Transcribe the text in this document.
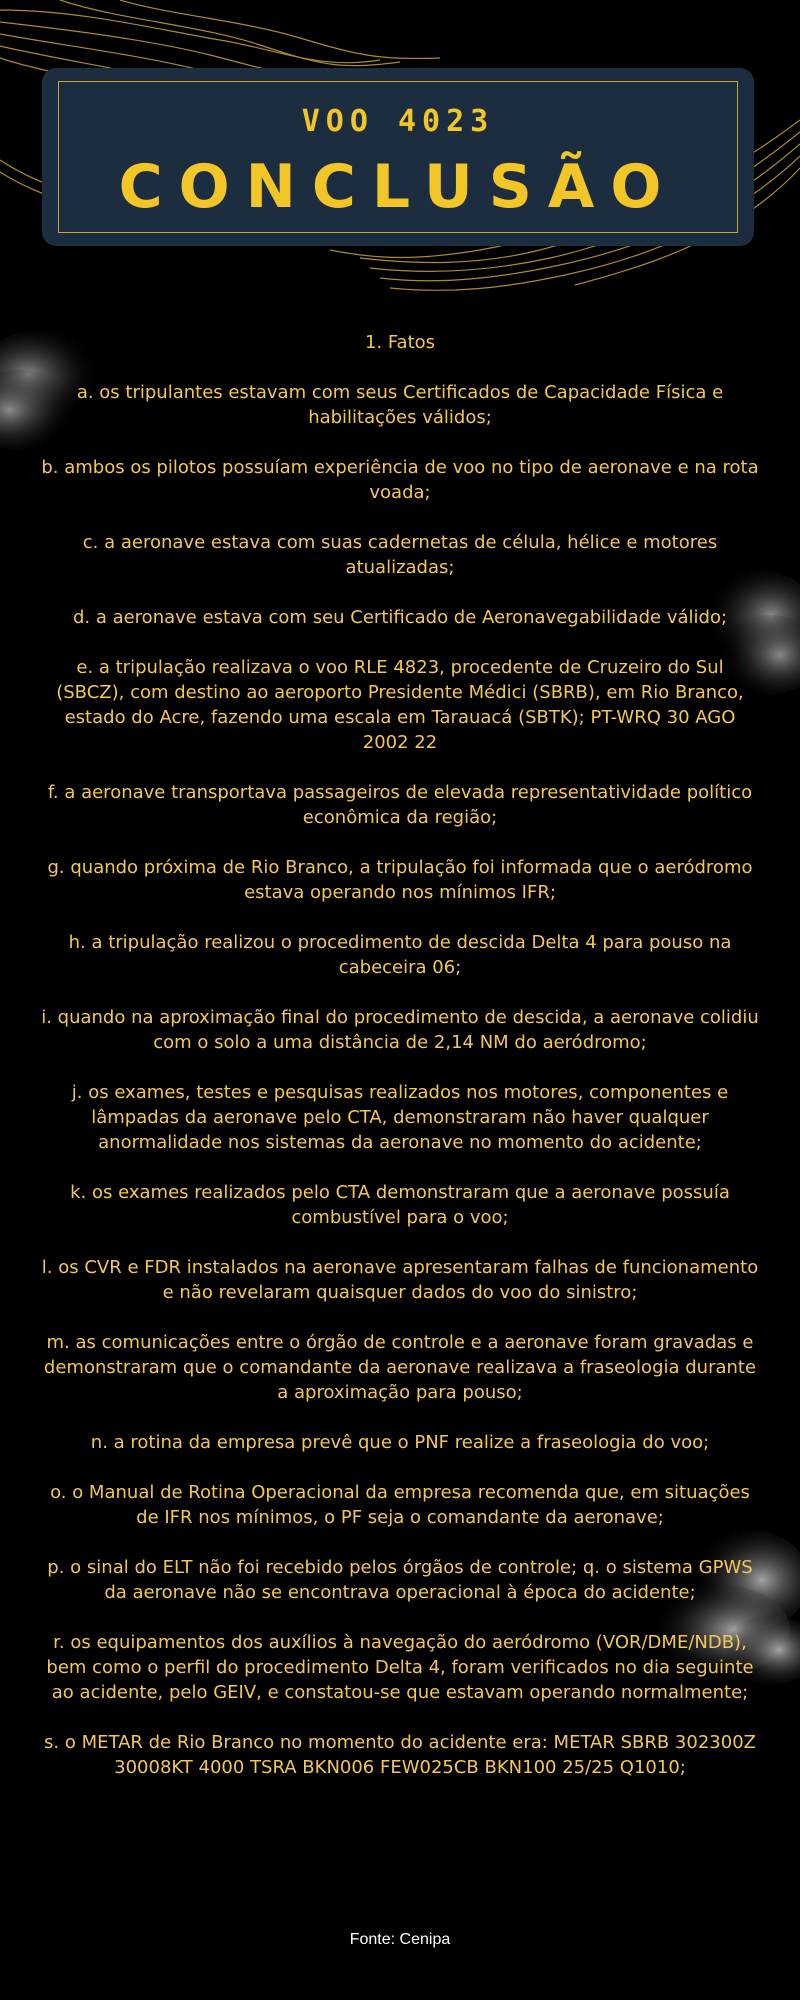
VOO 4023
CONCLUSÃO

1. Fatos

a. os tripulantes estavam com seus Certificados de Capacidade Física e habilitações válidos;

b. ambos os pilotos possuíam experiência de voo no tipo de aeronave e na rota voada;

c. a aeronave estava com suas cadernetas de célula, hélice e motores atualizadas;

d. a aeronave estava com seu Certificado de Aeronavegabilidade válido;

e. a tripulação realizava o voo RLE 4823, procedente de Cruzeiro do Sul (SBCZ), com destino ao aeroporto Presidente Médici (SBRB), em Rio Branco, estado do Acre, fazendo uma escala em Tarauacá (SBTK); PT-WRQ 30 AGO 2002 22

f. a aeronave transportava passageiros de elevada representatividade político econômica da região;

g. quando próxima de Rio Branco, a tripulação foi informada que o aeródromo estava operando nos mínimos IFR;

h. a tripulação realizou o procedimento de descida Delta 4 para pouso na cabeceira 06;

i. quando na aproximação final do procedimento de descida, a aeronave colidiu com o solo a uma distância de 2,14 NM do aeródromo;

j. os exames, testes e pesquisas realizados nos motores, componentes e lâmpadas da aeronave pelo CTA, demonstraram não haver qualquer anormalidade nos sistemas da aeronave no momento do acidente;

k. os exames realizados pelo CTA demonstraram que a aeronave possuía combustível para o voo;

l. os CVR e FDR instalados na aeronave apresentaram falhas de funcionamento e não revelaram quaisquer dados do voo do sinistro;

m. as comunicações entre o órgão de controle e a aeronave foram gravadas e demonstraram que o comandante da aeronave realizava a fraseologia durante a aproximação para pouso;

n. a rotina da empresa prevê que o PNF realize a fraseologia do voo;

o. o Manual de Rotina Operacional da empresa recomenda que, em situações de IFR nos mínimos, o PF seja o comandante da aeronave;

p. o sinal do ELT não foi recebido pelos órgãos de controle; q. o sistema GPWS da aeronave não se encontrava operacional à época do acidente;

r. os equipamentos dos auxílios à navegação do aeródromo (VOR/DME/NDB), bem como o perfil do procedimento Delta 4, foram verificados no dia seguinte ao acidente, pelo GEIV, e constatou-se que estavam operando normalmente;

s. o METAR de Rio Branco no momento do acidente era: METAR SBRB 302300Z 30008KT 4000 TSRA BKN006 FEW025CB BKN100 25/25 Q1010;

Fonte: Cenipa
